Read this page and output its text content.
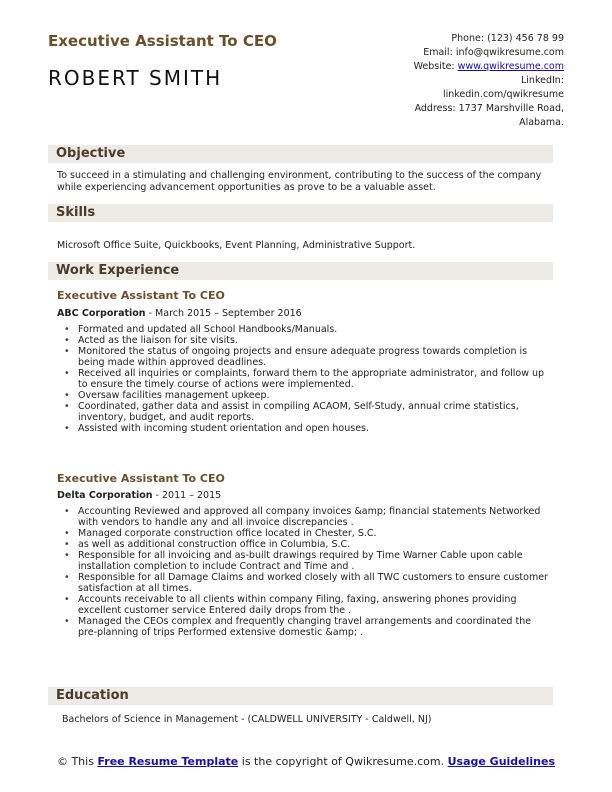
Executive Assistant To CEO
ROBERT SMITH
Phone: (123) 456 78 99
Email: info@qwikresume.com
Website: www.qwikresume.com
LinkedIn:
linkedin.com/qwikresume
Address: 1737 Marshville Road,
Alabama.
Objective
To succeed in a stimulating and challenging environment, contributing to the success of the company while experiencing advancement opportunities as prove to be a valuable asset.
Skills
Microsoft Office Suite, Quickbooks, Event Planning, Administrative Support.
Work Experience
Executive Assistant To CEO
ABC Corporation - March 2015 – September 2016
• Formated and updated all School Handbooks/Manuals.
• Acted as the liaison for site visits.
• Monitored the status of ongoing projects and ensure adequate progress towards completion is being made within approved deadlines.
• Received all inquiries or complaints, forward them to the appropriate administrator, and follow up to ensure the timely course of actions were implemented.
• Oversaw facilities management upkeep.
• Coordinated, gather data and assist in compiling ACAOM, Self-Study, annual crime statistics, inventory, budget, and audit reports.
• Assisted with incoming student orientation and open houses.
Executive Assistant To CEO
Delta Corporation - 2011 – 2015
• Accounting Reviewed and approved all company invoices &amp; financial statements Networked with vendors to handle any and all invoice discrepancies .
• Managed corporate construction office located in Chester, S.C.
• as well as additional construction office in Columbia, S.C.
• Responsible for all invoicing and as-built drawings required by Time Warner Cable upon cable installation completion to include Contract and Time and .
• Responsible for all Damage Claims and worked closely with all TWC customers to ensure customer satisfaction at all times.
• Accounts receivable to all clients within company Filing, faxing, answering phones providing excellent customer service Entered daily drops from the .
• Managed the CEOs complex and frequently changing travel arrangements and coordinated the pre-planning of trips Performed extensive domestic &amp; .
Education
Bachelors of Science in Management - (CALDWELL UNIVERSITY - Caldwell, NJ)
© This Free Resume Template is the copyright of Qwikresume.com. Usage Guidelines
